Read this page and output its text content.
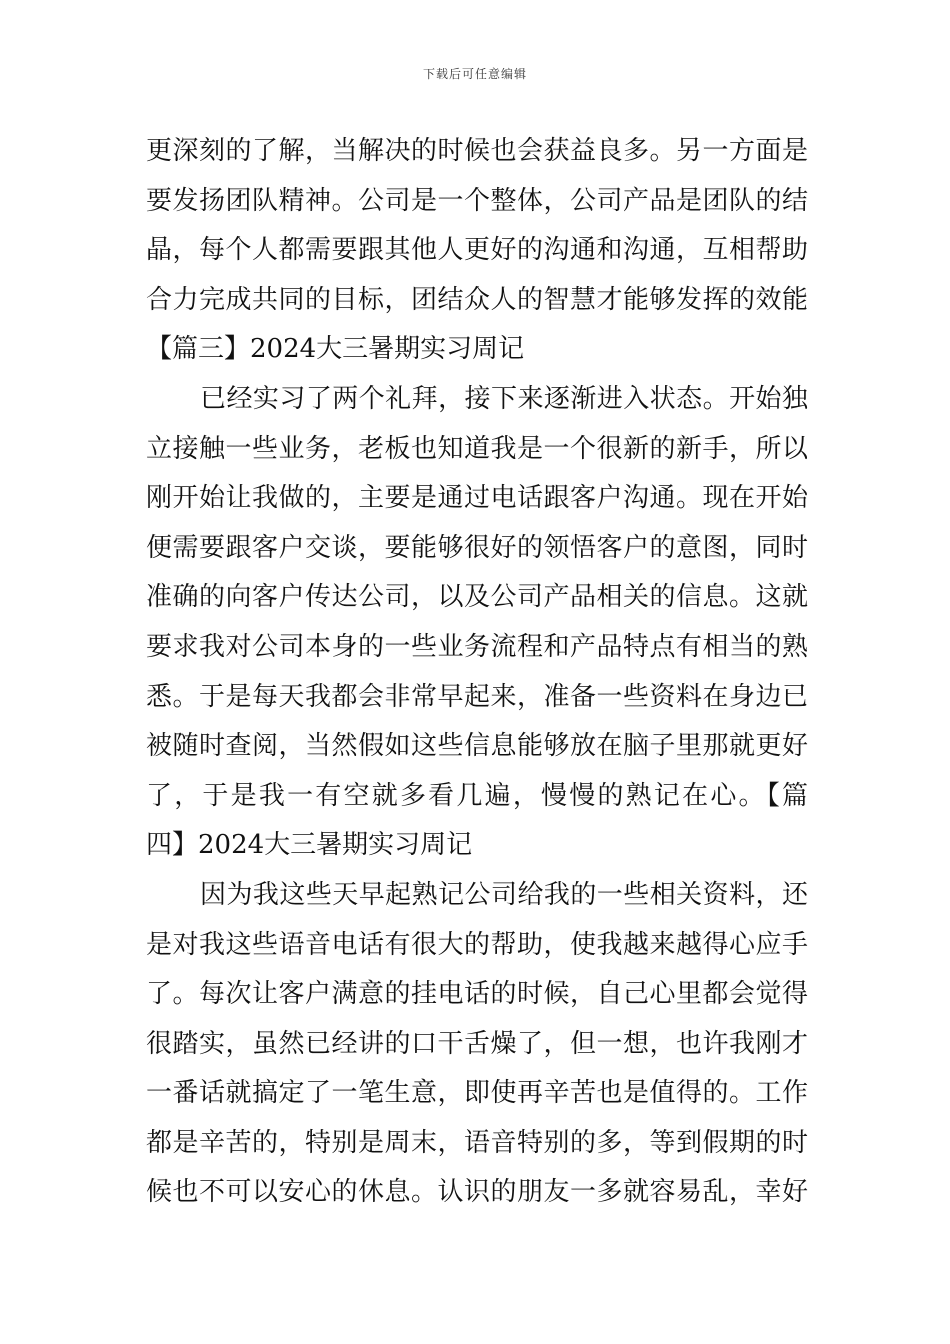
下载后可任意编辑
更深刻的了解，当解决的时候也会获益良多。另一方面是
要发扬团队精神。公司是一个整体，公司产品是团队的结
晶，每个人都需要跟其他人更好的沟通和沟通，互相帮助
合力完成共同的目标，团结众人的智慧才能够发挥的效能
【篇三】2024大三暑期实习周记
已经实习了两个礼拜，接下来逐渐进入状态。开始独
立接触一些业务，老板也知道我是一个很新的新手，所以
刚开始让我做的，主要是通过电话跟客户沟通。现在开始
便需要跟客户交谈，要能够很好的领悟客户的意图，同时
准确的向客户传达公司，以及公司产品相关的信息。这就
要求我对公司本身的一些业务流程和产品特点有相当的熟
悉。于是每天我都会非常早起来，准备一些资料在身边已
被随时查阅，当然假如这些信息能够放在脑子里那就更好
了，于是我一有空就多看几遍，慢慢的熟记在心。【篇
四】2024大三暑期实习周记
因为我这些天早起熟记公司给我的一些相关资料，还
是对我这些语音电话有很大的帮助，使我越来越得心应手
了。每次让客户满意的挂电话的时候，自己心里都会觉得
很踏实，虽然已经讲的口干舌燥了，但一想，也许我刚才
一番话就搞定了一笔生意，即使再辛苦也是值得的。工作
都是辛苦的，特别是周末，语音特别的多，等到假期的时
候也不可以安心的休息。认识的朋友一多就容易乱，幸好
